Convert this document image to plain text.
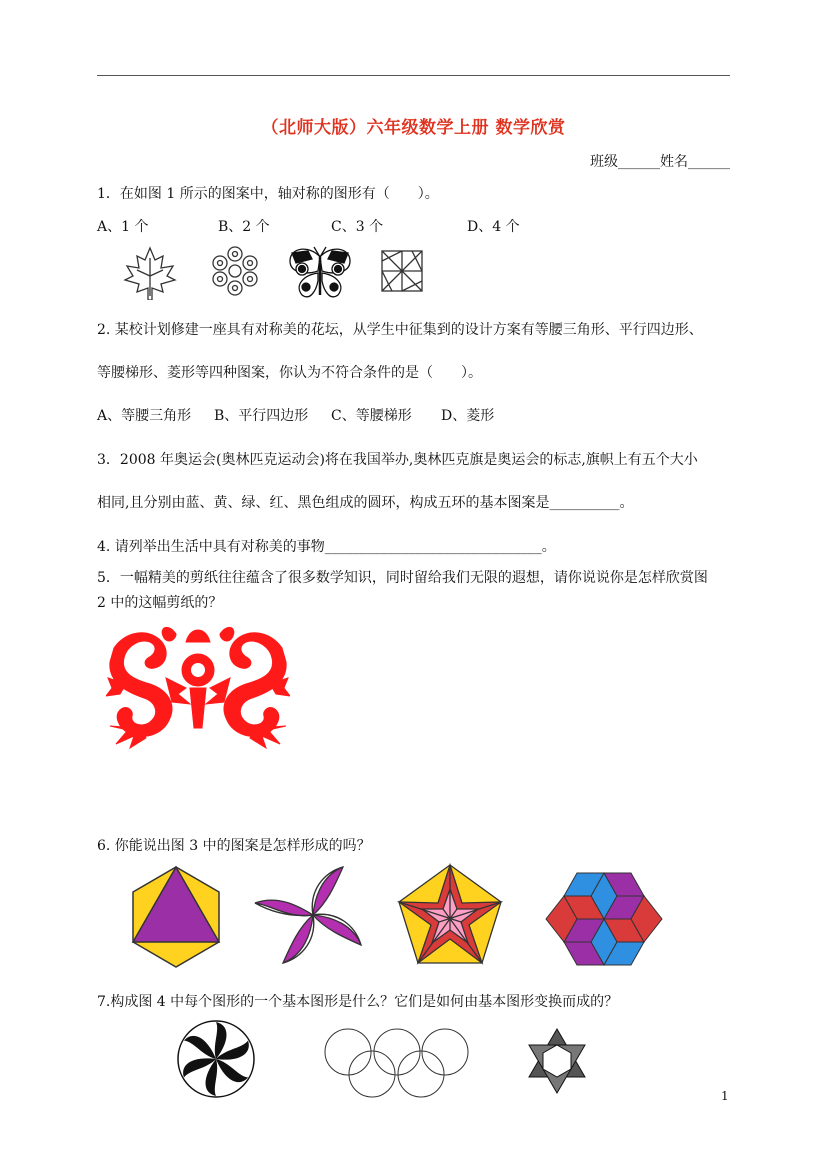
（北师大版）六年级数学上册 数学欣赏
班级______姓名______
1．在如图 1 所示的图案中，轴对称的图形有（　　）。
A、1 个	B、2 个	C、3 个	D、4 个
2. 某校计划修建一座具有对称美的花坛，从学生中征集到的设计方案有等腰三角形、平行四边形、
等腰梯形、菱形等四种图案，你认为不符合条件的是（　　）。
A、等腰三角形 B、平行四边形 C、等腰梯形 D、菱形
3．2008 年奥运会(奥林匹克运动会)将在我国举办,奥林匹克旗是奥运会的标志,旗帜上有五个大小
相同,且分别由蓝、黄、绿、红、黑色组成的圆环，构成五环的基本图案是__________。
4. 请列举出生活中具有对称美的事物_______________________________。
5．一幅精美的剪纸往往蕴含了很多数学知识，同时留给我们无限的遐想，请你说说你是怎样欣赏图
2 中的这幅剪纸的？
6. 你能说出图 3 中的图案是怎样形成的吗？
7.构成图 4 中每个图形的一个基本图形是什么？它们是如何由基本图形变换而成的？
1
